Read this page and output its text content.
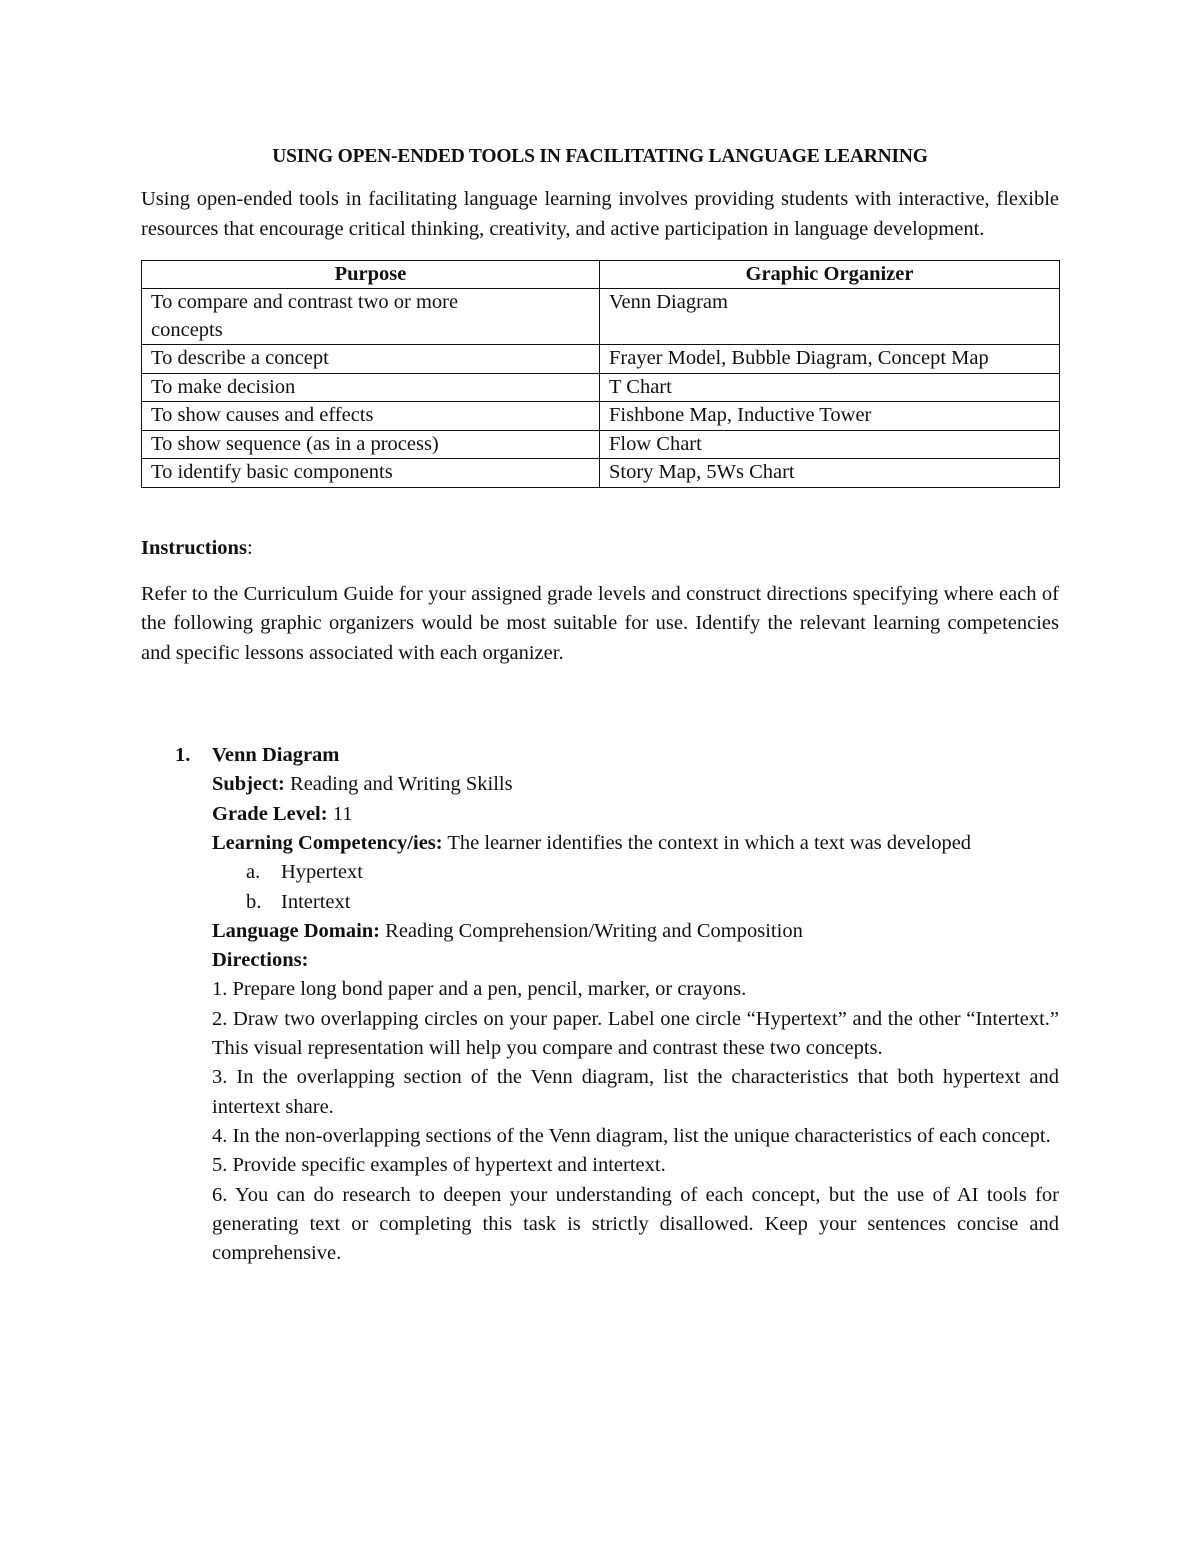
USING OPEN-ENDED TOOLS IN FACILITATING LANGUAGE LEARNING

Using open-ended tools in facilitating language learning involves providing students with interactive, flexible resources that encourage critical thinking, creativity, and active participation in language development.

Purpose	Graphic Organizer
To compare and contrast two or more concepts	Venn Diagram
To describe a concept	Frayer Model, Bubble Diagram, Concept Map
To make decision	T Chart
To show causes and effects	Fishbone Map, Inductive Tower
To show sequence (as in a process)	Flow Chart
To identify basic components	Story Map, 5Ws Chart

Instructions:

Refer to the Curriculum Guide for your assigned grade levels and construct directions specifying where each of the following graphic organizers would be most suitable for use. Identify the relevant learning competencies and specific lessons associated with each organizer.

1. Venn Diagram
Subject: Reading and Writing Skills
Grade Level: 11
Learning Competency/ies: The learner identifies the context in which a text was developed
a. Hypertext
b. Intertext
Language Domain: Reading Comprehension/Writing and Composition
Directions:
1. Prepare long bond paper and a pen, pencil, marker, or crayons.
2. Draw two overlapping circles on your paper. Label one circle “Hypertext” and the other “Intertext.” This visual representation will help you compare and contrast these two concepts.
3. In the overlapping section of the Venn diagram, list the characteristics that both hypertext and intertext share.
4. In the non-overlapping sections of the Venn diagram, list the unique characteristics of each concept.
5. Provide specific examples of hypertext and intertext.
6. You can do research to deepen your understanding of each concept, but the use of AI tools for generating text or completing this task is strictly disallowed. Keep your sentences concise and comprehensive.
